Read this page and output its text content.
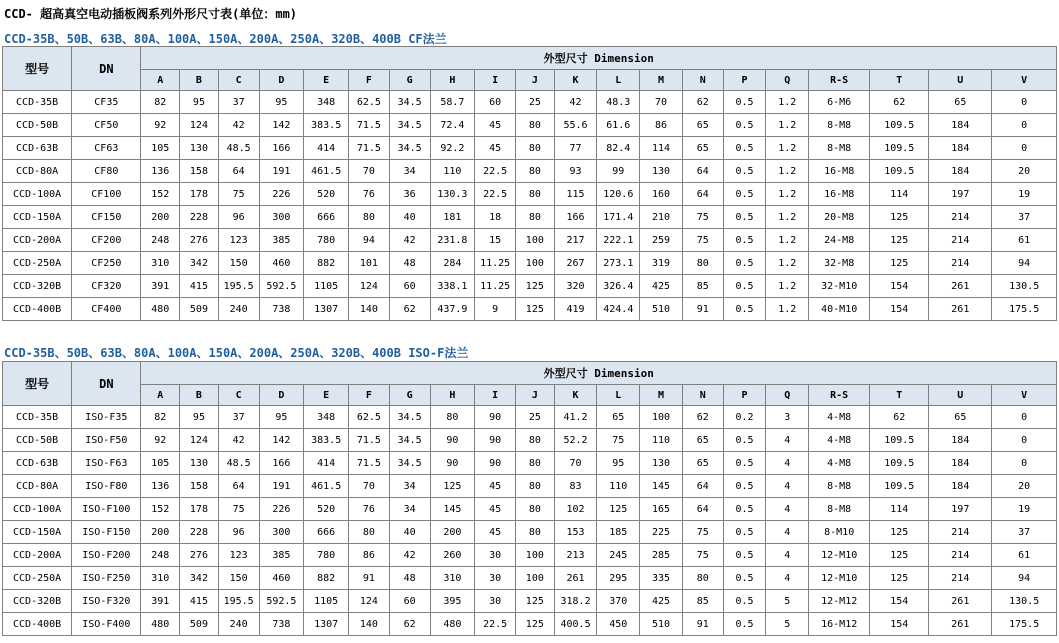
CCD- 超高真空电动插板阀系列外形尺寸表(单位：mm)
CCD-35B、50B、63B、80A、100A、150A、200A、250A、320B、400B CF法兰
型号	DN	外型尺寸 Dimension																			
		A	B	C	D	E	F	G	H	I	J	K	L	M	N	P	Q	R-S	T	U	V
CCD-35B	CF35	82	95	37	95	348	62.5	34.5	58.7	60	25	42	48.3	70	62	0.5	1.2	6-M6	62	65	0
CCD-50B	CF50	92	124	42	142	383.5	71.5	34.5	72.4	45	80	55.6	61.6	86	65	0.5	1.2	8-M8	109.5	184	0
CCD-63B	CF63	105	130	48.5	166	414	71.5	34.5	92.2	45	80	77	82.4	114	65	0.5	1.2	8-M8	109.5	184	0
CCD-80A	CF80	136	158	64	191	461.5	70	34	110	22.5	80	93	99	130	64	0.5	1.2	16-M8	109.5	184	20
CCD-100A	CF100	152	178	75	226	520	76	36	130.3	22.5	80	115	120.6	160	64	0.5	1.2	16-M8	114	197	19
CCD-150A	CF150	200	228	96	300	666	80	40	181	18	80	166	171.4	210	75	0.5	1.2	20-M8	125	214	37
CCD-200A	CF200	248	276	123	385	780	94	42	231.8	15	100	217	222.1	259	75	0.5	1.2	24-M8	125	214	61
CCD-250A	CF250	310	342	150	460	882	101	48	284	11.25	100	267	273.1	319	80	0.5	1.2	32-M8	125	214	94
CCD-320B	CF320	391	415	195.5	592.5	1105	124	60	338.1	11.25	125	320	326.4	425	85	0.5	1.2	32-M10	154	261	130.5
CCD-400B	CF400	480	509	240	738	1307	140	62	437.9	9	125	419	424.4	510	91	0.5	1.2	40-M10	154	261	175.5
CCD-35B、50B、63B、80A、100A、150A、200A、250A、320B、400B ISO-F法兰
型号	DN	外型尺寸 Dimension																			
		A	B	C	D	E	F	G	H	I	J	K	L	M	N	P	Q	R-S	T	U	V
CCD-35B	ISO-F35	82	95	37	95	348	62.5	34.5	80	90	25	41.2	65	100	62	0.2	3	4-M8	62	65	0
CCD-50B	ISO-F50	92	124	42	142	383.5	71.5	34.5	90	90	80	52.2	75	110	65	0.5	4	4-M8	109.5	184	0
CCD-63B	ISO-F63	105	130	48.5	166	414	71.5	34.5	90	90	80	70	95	130	65	0.5	4	4-M8	109.5	184	0
CCD-80A	ISO-F80	136	158	64	191	461.5	70	34	125	45	80	83	110	145	64	0.5	4	8-M8	109.5	184	20
CCD-100A	ISO-F100	152	178	75	226	520	76	34	145	45	80	102	125	165	64	0.5	4	8-M8	114	197	19
CCD-150A	ISO-F150	200	228	96	300	666	80	40	200	45	80	153	185	225	75	0.5	4	8-M10	125	214	37
CCD-200A	ISO-F200	248	276	123	385	780	86	42	260	30	100	213	245	285	75	0.5	4	12-M10	125	214	61
CCD-250A	ISO-F250	310	342	150	460	882	91	48	310	30	100	261	295	335	80	0.5	4	12-M10	125	214	94
CCD-320B	ISO-F320	391	415	195.5	592.5	1105	124	60	395	30	125	318.2	370	425	85	0.5	5	12-M12	154	261	130.5
CCD-400B	ISO-F400	480	509	240	738	1307	140	62	480	22.5	125	400.5	450	510	91	0.5	5	16-M12	154	261	175.5
